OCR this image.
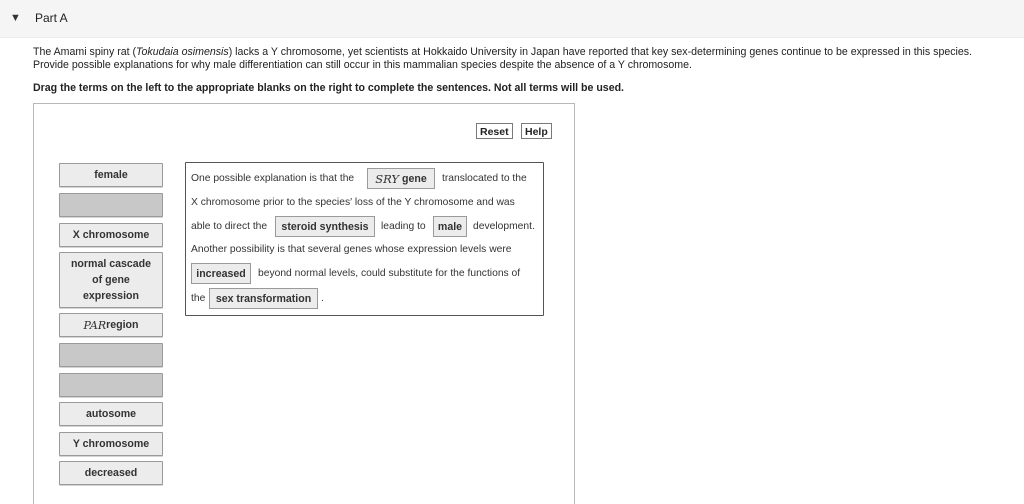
▼ Part A
The Amami spiny rat (Tokudaia osimensis) lacks a Y chromosome, yet scientists at Hokkaido University in Japan have reported that key sex-determining genes continue to be expressed in this species.
Provide possible explanations for why male differentiation can still occur in this mammalian species despite the absence of a Y chromosome.
Drag the terms on the left to the appropriate blanks on the right to complete the sentences. Not all terms will be used.
Reset	Help
female
X chromosome
normal cascade of gene expression
PAR region
autosome
Y chromosome
decreased
One possible explanation is that the SRY gene translocated to the
X chromosome prior to the species′ loss of the Y chromosome and was
able to direct the	steroid synthesis	leading to	male	development.
Another possibility is that several genes whose expression levels were
increased	beyond normal levels, could substitute for the functions of
the sex transformation .
